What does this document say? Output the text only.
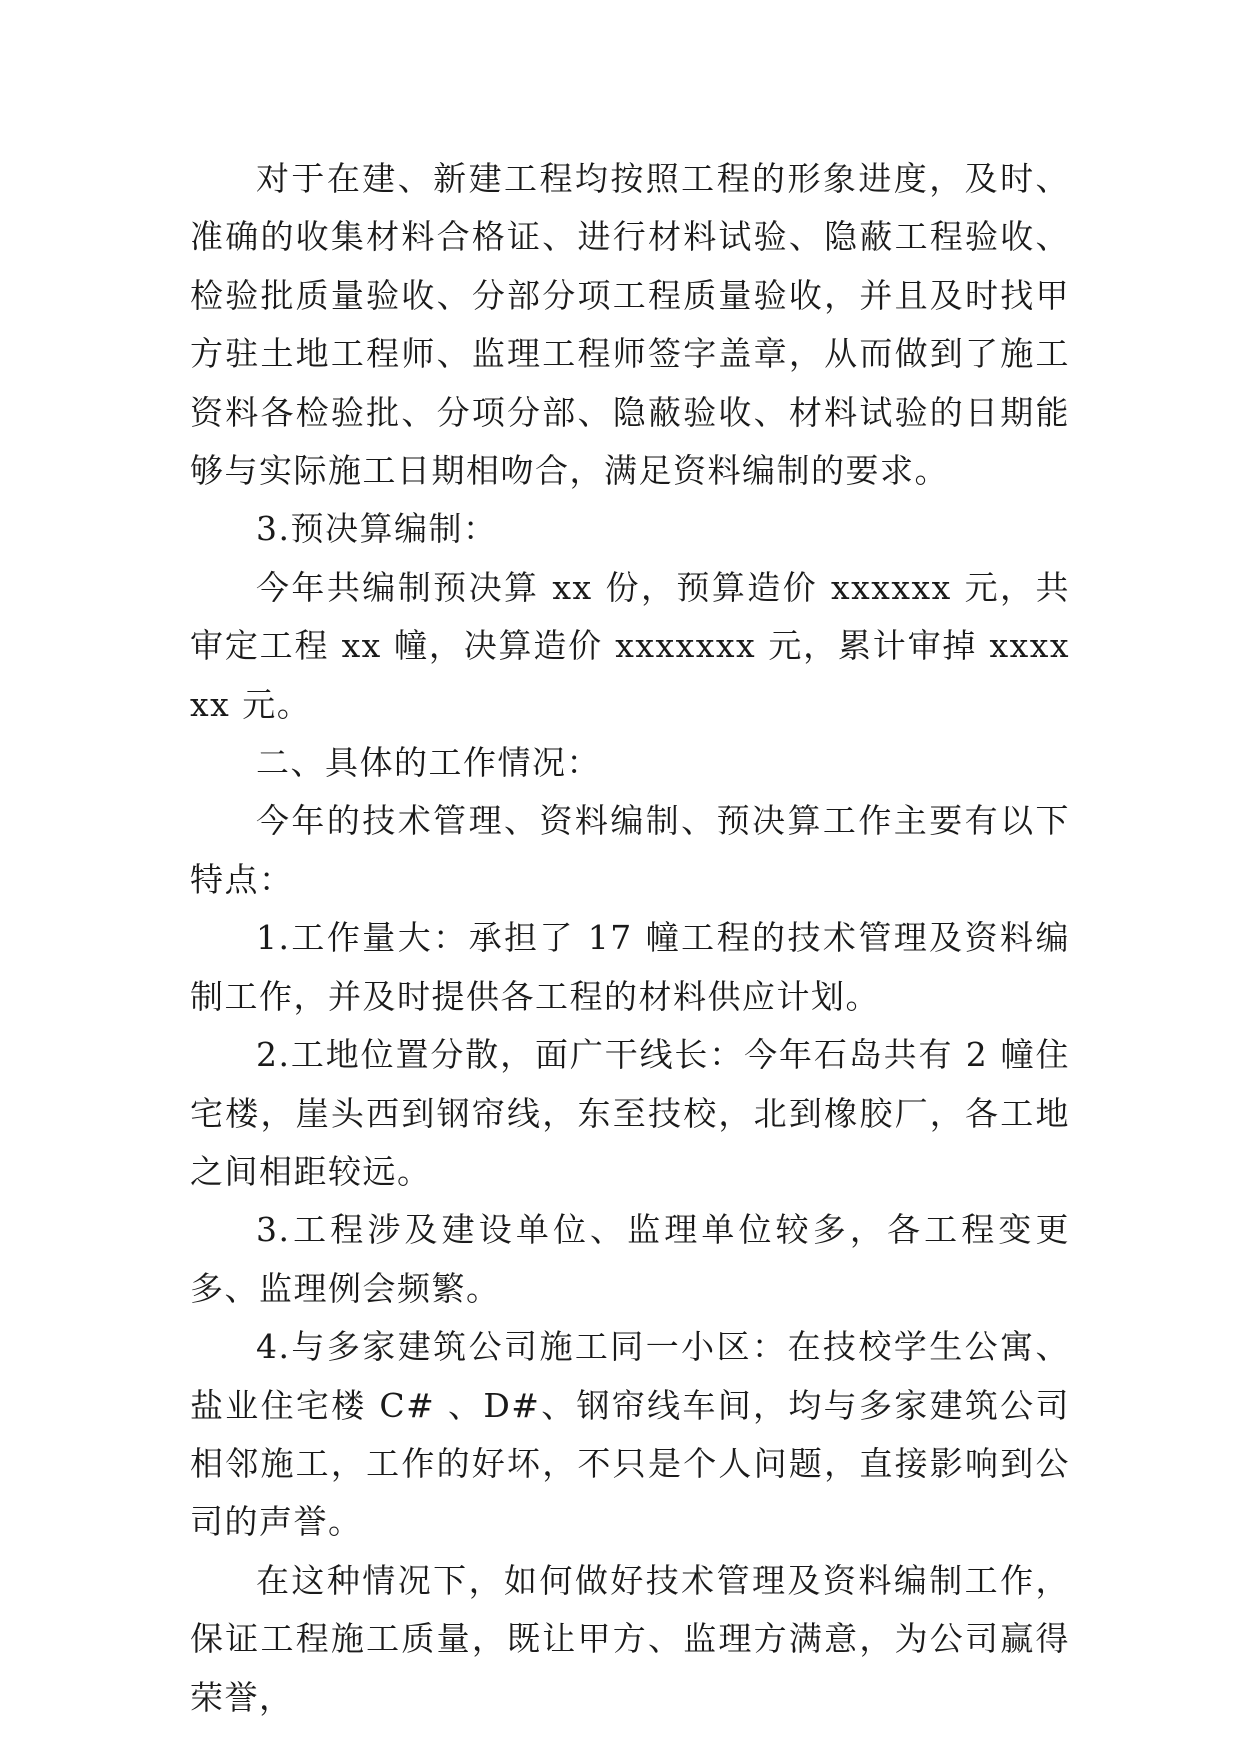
对于在建、新建工程均按照工程的形象进度，及时、准确的收集材料合格证、进行材料试验、隐蔽工程验收、检验批质量验收、分部分项工程质量验收，并且及时找甲方驻土地工程师、监理工程师签字盖章，从而做到了施工资料各检验批、分项分部、隐蔽验收、材料试验的日期能够与实际施工日期相吻合，满足资料编制的要求。

3.预决算编制：

今年共编制预决算 xx 份，预算造价 xxxxxx 元，共审定工程 xx 幢，决算造价 xxxxxxx 元，累计审掉 xxxxxx 元。

二、具体的工作情况：

今年的技术管理、资料编制、预决算工作主要有以下特点：

1.工作量大：承担了 17 幢工程的技术管理及资料编制工作，并及时提供各工程的材料供应计划。

2.工地位置分散，面广干线长：今年石岛共有 2 幢住宅楼，崖头西到钢帘线，东至技校，北到橡胶厂，各工地之间相距较远。

3.工程涉及建设单位、监理单位较多，各工程变更多、监理例会频繁。

4.与多家建筑公司施工同一小区：在技校学生公寓、盐业住宅楼 C# 、D#、钢帘线车间，均与多家建筑公司相邻施工，工作的好坏，不只是个人问题，直接影响到公司的声誉。

在这种情况下，如何做好技术管理及资料编制工作，保证工程施工质量，既让甲方、监理方满意，为公司赢得荣誉，
